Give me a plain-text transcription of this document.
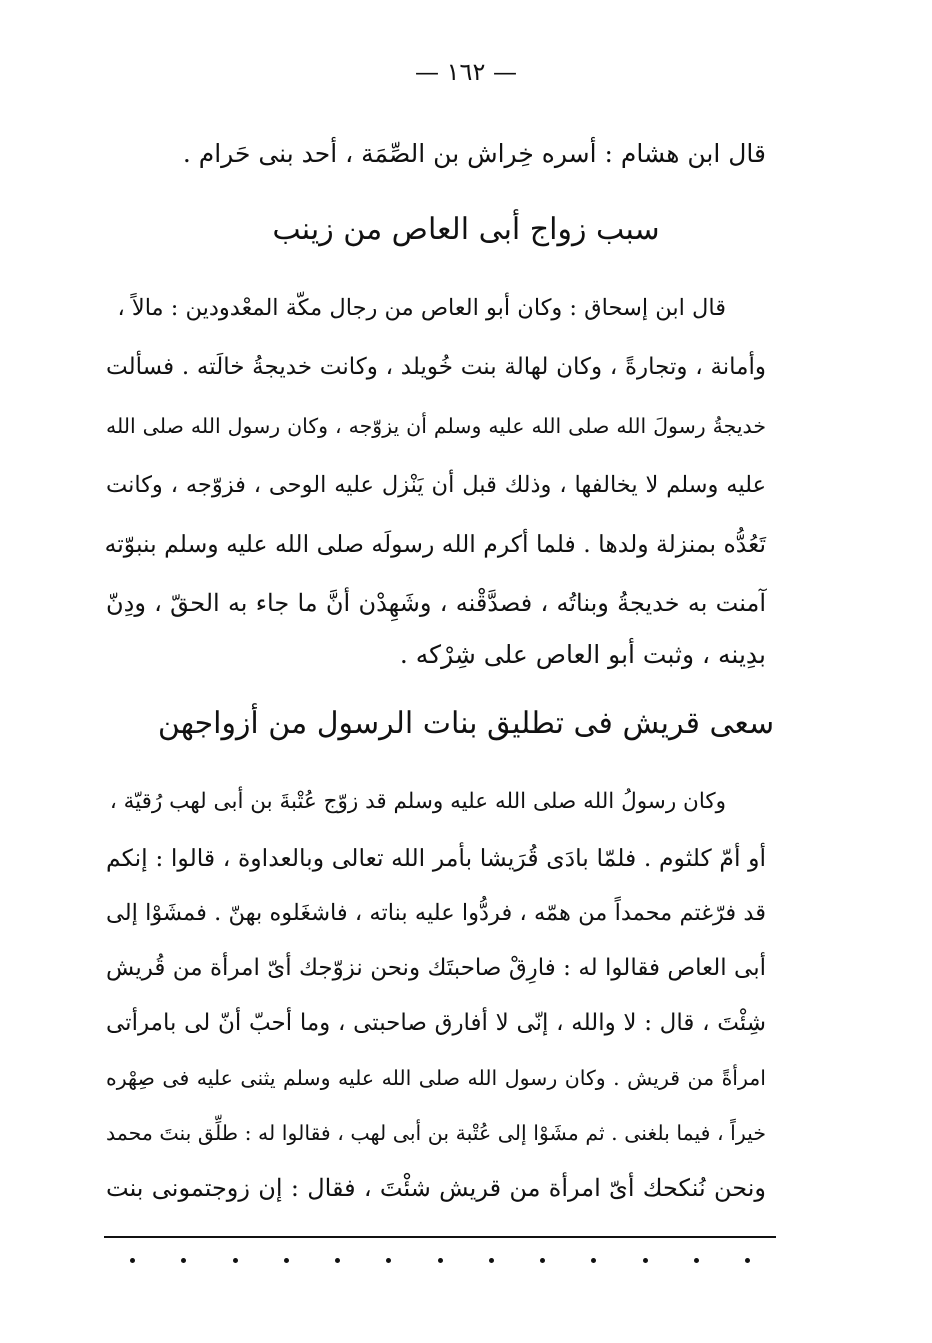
— ١٦٢ —
قال ابن هشام : أسره خِراش بن الصِّمَة ، أحد بنى حَرام .
سبب زواج أبى العاص من زينب
قال ابن إسحاق : وكان أبو العاص من رجال مكّة المعْدودين : مالاً ،
وأمانة ، وتجارةً ، وكان لهالة بنت خُويلد ، وكانت خديجةُ خالَته . فسألت
خديجةُ رسولَ الله صلى الله عليه وسلم أن يزوّجه ، وكان رسول الله صلى الله
عليه وسلم لا يخالفها ، وذلك قبل أن يَنْزل عليه الوحى ، فزوّجه ، وكانت
تَعُدُّه بمنزلة ولدها . فلما أكرم الله رسولَه صلى الله عليه وسلم بنبوّته
آمنت به خديجةُ وبناتُه ، فصدَّقْنه ، وشَهِدْن أنَّ ما جاء به الحقّ ، ودِنّ
بدِينه ، وثبت أبو العاص على شِرْكه .
سعى قريش فى تطليق بنات الرسول من أزواجهن
وكان رسولُ الله صلى الله عليه وسلم قد زوّج عُتْبةَ بن أبى لهب رُقيّة ،
أو أمّ كلثوم . فلمّا بادَى قُرَيشا بأمر الله تعالى وبالعداوة ، قالوا : إنكم
قد فرّغتم محمداً من همّه ، فردُّوا عليه بناته ، فاشغَلوه بهنّ . فمشَوْا إلى
أبى العاص فقالوا له : فارِقْ صاحبتَك ونحن نزوّجك أىّ امرأة من قُريش
شِئْتَ ، قال : لا والله ، إنّى لا أفارق صاحبتى ، وما أحبّ أنّ لى بامرأتى
امرأةً من قريش . وكان رسول الله صلى الله عليه وسلم يثنى عليه فى صِهْره
خيراً ، فيما بلغنى . ثم مشَوْا إلى عُتْبة بن أبى لهب ، فقالوا له : طلِّق بنتَ محمد
ونحن نُنكحك أىّ امرأة من قريش شئْتَ ، فقال : إن زوجتمونى بنت
